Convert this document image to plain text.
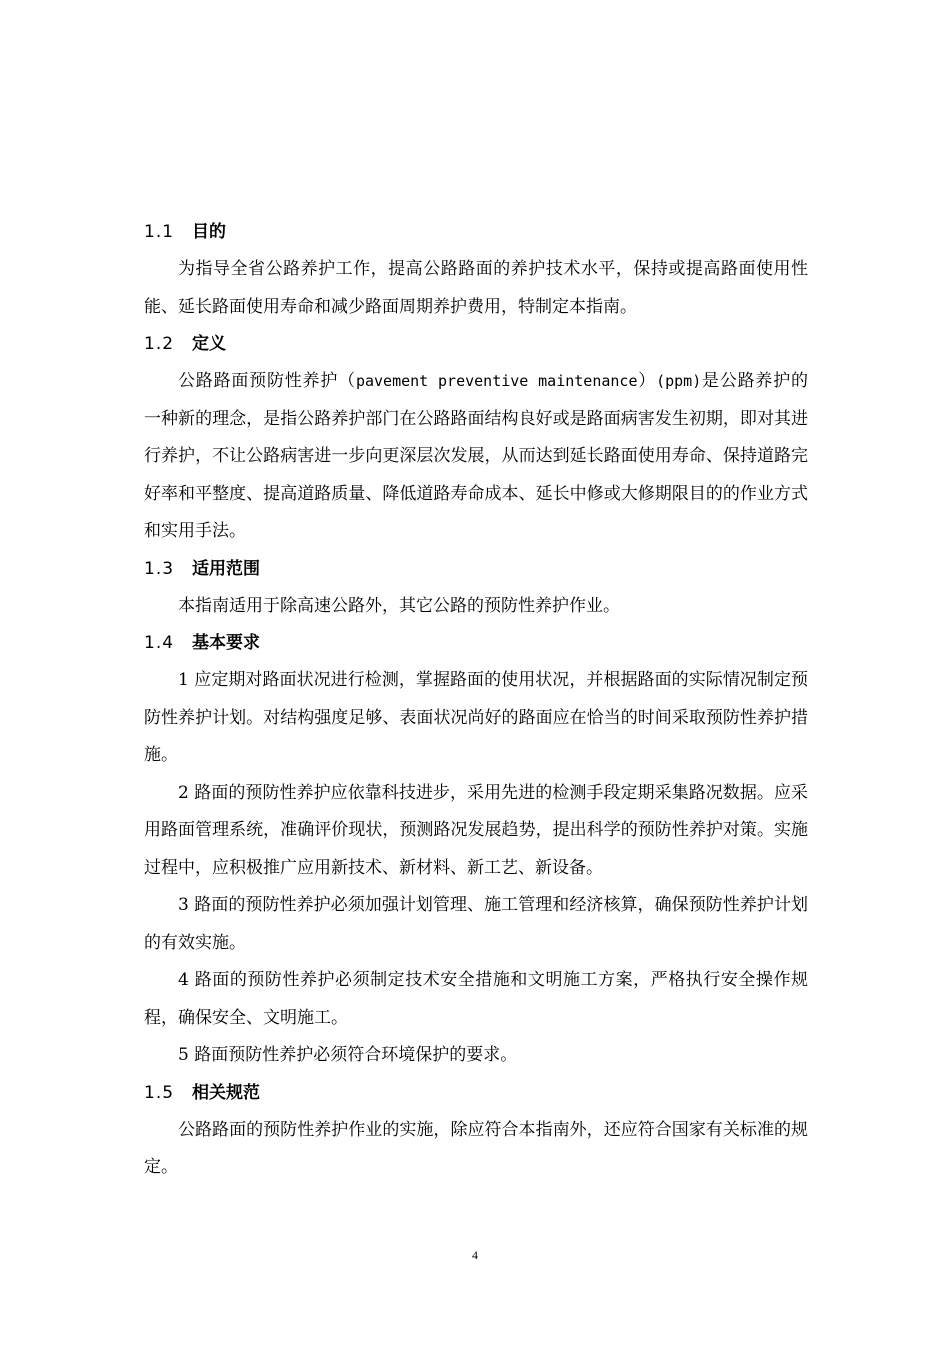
1.1 目的

为指导全省公路养护工作，提高公路路面的养护技术水平，保持或提高路面使用性能、延长路面使用寿命和减少路面周期养护费用，特制定本指南。

1.2 定义

公路路面预防性养护（pavement preventive maintenance）(ppm)是公路养护的一种新的理念，是指公路养护部门在公路路面结构良好或是路面病害发生初期，即对其进行养护，不让公路病害进一步向更深层次发展，从而达到延长路面使用寿命、保持道路完好率和平整度、提高道路质量、降低道路寿命成本、延长中修或大修期限目的的作业方式和实用手法。

1.3 适用范围

本指南适用于除高速公路外，其它公路的预防性养护作业。

1.4 基本要求

1 应定期对路面状况进行检测，掌握路面的使用状况，并根据路面的实际情况制定预防性养护计划。对结构强度足够、表面状况尚好的路面应在恰当的时间采取预防性养护措施。

2 路面的预防性养护应依靠科技进步，采用先进的检测手段定期采集路况数据。应采用路面管理系统，准确评价现状，预测路况发展趋势，提出科学的预防性养护对策。实施过程中，应积极推广应用新技术、新材料、新工艺、新设备。

3 路面的预防性养护必须加强计划管理、施工管理和经济核算，确保预防性养护计划的有效实施。

4 路面的预防性养护必须制定技术安全措施和文明施工方案，严格执行安全操作规程，确保安全、文明施工。

5 路面预防性养护必须符合环境保护的要求。

1.5 相关规范

公路路面的预防性养护作业的实施，除应符合本指南外，还应符合国家有关标准的规定。

4
